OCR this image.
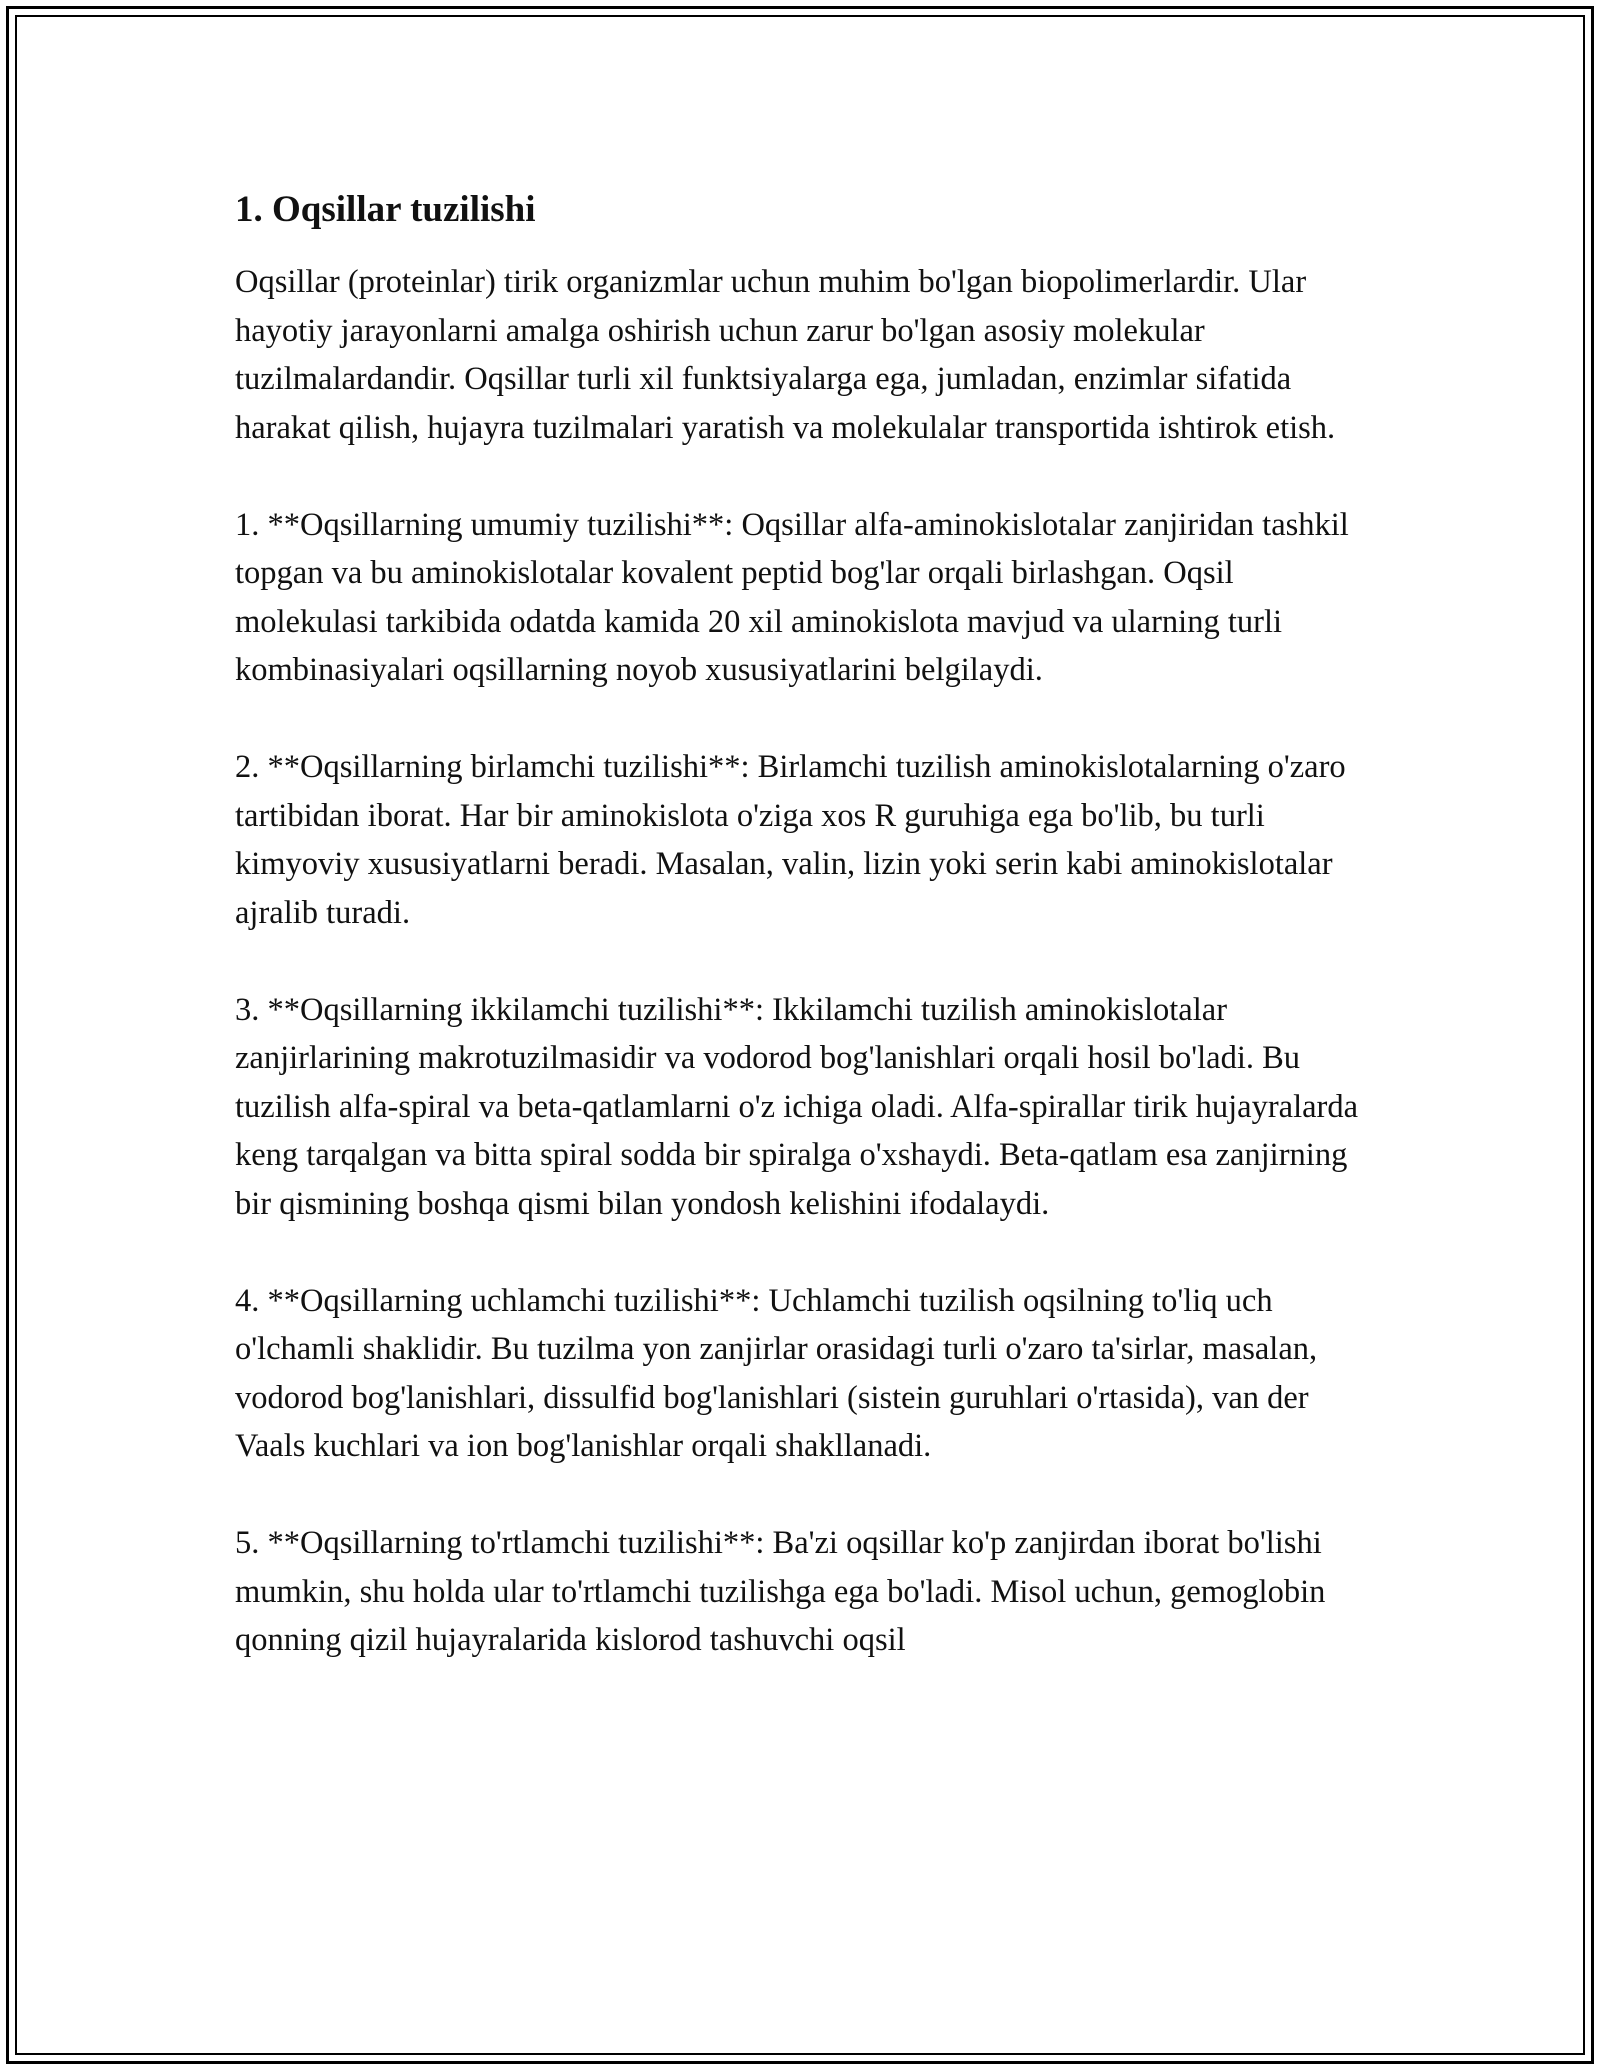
1. Oqsillar tuzilishi

Oqsillar (proteinlar) tirik organizmlar uchun muhim bo'lgan biopolimerlardir. Ular hayotiy jarayonlarni amalga oshirish uchun zarur bo'lgan asosiy molekular tuzilmalardandir. Oqsillar turli xil funktsiyalarga ega, jumladan, enzimlar sifatida harakat qilish, hujayra tuzilmalari yaratish va molekulalar transportida ishtirok etish.

1. **Oqsillarning umumiy tuzilishi**: Oqsillar alfa-aminokislotalar zanjiridan tashkil topgan va bu aminokislotalar kovalent peptid bog'lar orqali birlashgan. Oqsil molekulasi tarkibida odatda kamida 20 xil aminokislota mavjud va ularning turli kombinasiyalari oqsillarning noyob xususiyatlarini belgilaydi.

2. **Oqsillarning birlamchi tuzilishi**: Birlamchi tuzilish aminokislotalarning o'zaro tartibidan iborat. Har bir aminokislota o'ziga xos R guruhiga ega bo'lib, bu turli kimyoviy xususiyatlarni beradi. Masalan, valin, lizin yoki serin kabi aminokislotalar ajralib turadi.

3. **Oqsillarning ikkilamchi tuzilishi**: Ikkilamchi tuzilish aminokislotalar zanjirlarining makrotuzilmasidir va vodorod bog'lanishlari orqali hosil bo'ladi. Bu tuzilish alfa-spiral va beta-qatlamlarni o'z ichiga oladi. Alfa-spirallar tirik hujayralarda keng tarqalgan va bitta spiral sodda bir spiralga o'xshaydi. Beta-qatlam esa zanjirning bir qismining boshqa qismi bilan yondosh kelishini ifodalaydi.

4. **Oqsillarning uchlamchi tuzilishi**: Uchlamchi tuzilish oqsilning to'liq uch o'lchamli shaklidir. Bu tuzilma yon zanjirlar orasidagi turli o'zaro ta'sirlar, masalan, vodorod bog'lanishlari, dissulfid bog'lanishlari (sistein guruhlari o'rtasida), van der Vaals kuchlari va ion bog'lanishlar orqali shakllanadi.

5. **Oqsillarning to'rtlamchi tuzilishi**: Ba'zi oqsillar ko'p zanjirdan iborat bo'lishi mumkin, shu holda ular to'rtlamchi tuzilishga ega bo'ladi. Misol uchun, gemoglobin qonning qizil hujayralarida kislorod tashuvchi oqsil
